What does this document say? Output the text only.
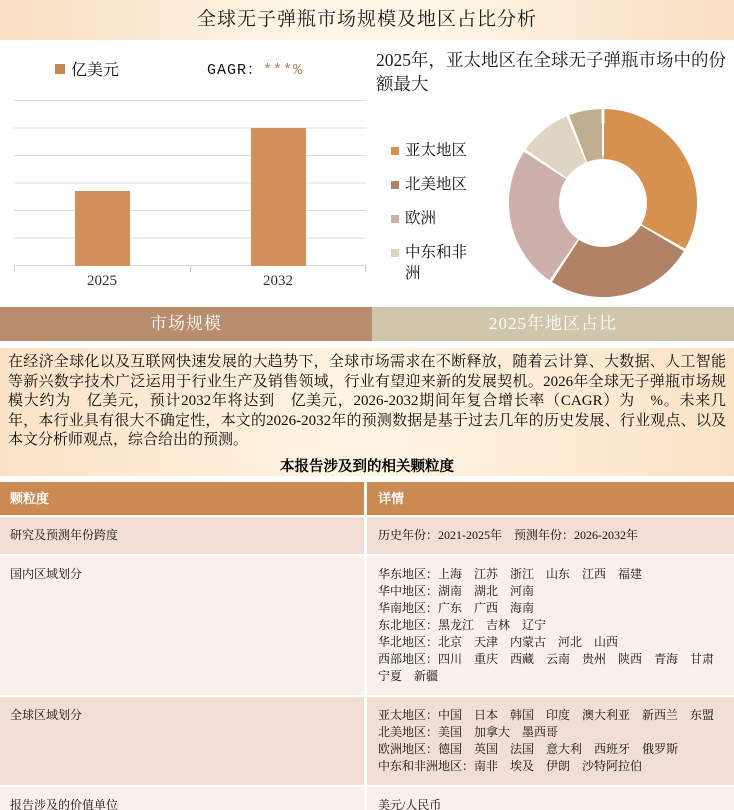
全球无子弹瓶市场规模及地区占比分析
亿美元	GAGR：***%
2025	2032
2025年，亚太地区在全球无子弹瓶市场中的份额最大
亚太地区
北美地区
欧洲
中东和非洲
市场规模	2025年地区占比

在经济全球化以及互联网快速发展的大趋势下，全球市场需求在不断释放，随着云计算、大数据、人工智能等新兴数字技术广泛运用于行业生产及销售领域，行业有望迎来新的发展契机。2026年全球无子弹瓶市场规模大约为　亿美元，预计2032年将达到　亿美元，2026-2032期间年复合增长率（CAGR）为　%。未来几年，本行业具有很大不确定性，本文的2026-2032年的预测数据是基于过去几年的历史发展、行业观点、以及本文分析师观点，综合给出的预测。

本报告涉及到的相关颗粒度
颗粒度	详情
研究及预测年份跨度	历史年份：2021-2025年　预测年份：2026-2032年
国内区域划分	华东地区：上海　江苏　浙江　山东　江西　福建
华中地区：湖南　湖北　河南
华南地区：广东　广西　海南
东北地区：黑龙江　吉林　辽宁
华北地区：北京　天津　内蒙古　河北　山西
西部地区：四川　重庆　西藏　云南　贵州　陕西　青海　甘肃　宁夏　新疆
全球区域划分	亚太地区：中国　日本　韩国　印度　澳大利亚　新西兰　东盟
北美地区：美国　加拿大　墨西哥
欧洲地区：德国　英国　法国　意大利　西班牙　俄罗斯
中东和非洲地区：南非　埃及　伊朗　沙特阿拉伯
报告涉及的价值单位	美元/人民币
